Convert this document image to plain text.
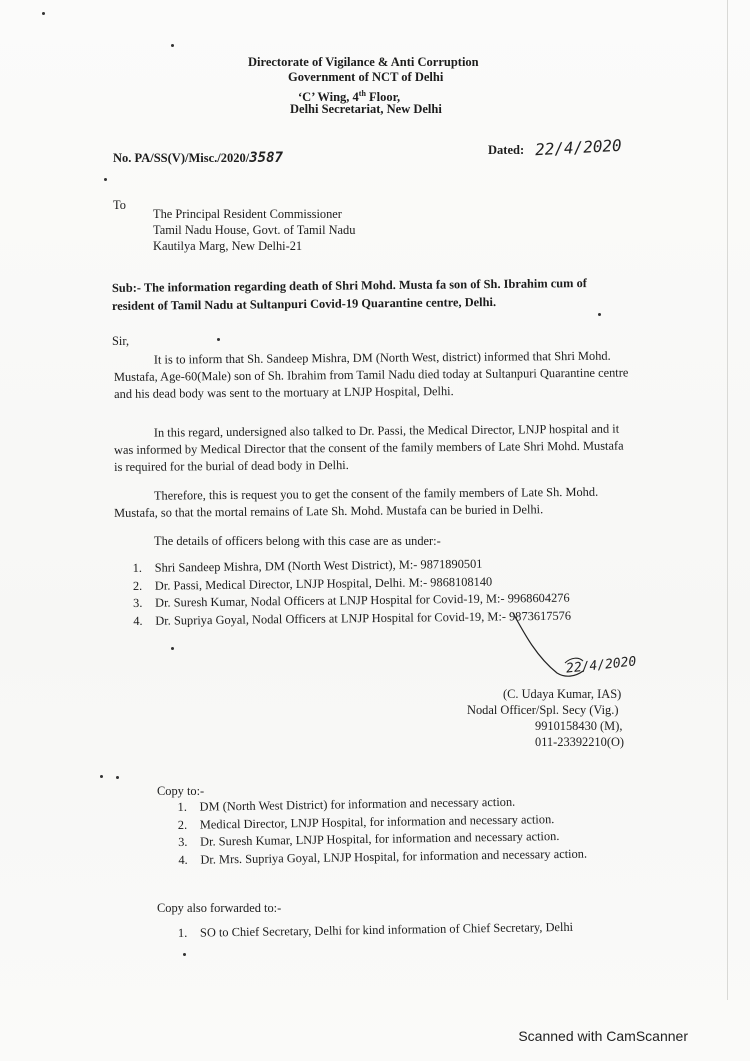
Directorate of Vigilance & Anti Corruption
Government of NCT of Delhi
‘C’ Wing, 4th Floor,
Delhi Secretariat, New Delhi
No. PA/SS(V)/Misc./2020/3587	Dated: 22/4/2020
To
The Principal Resident Commissioner
Tamil Nadu House, Govt. of Tamil Nadu
Kautilya Marg, New Delhi-21
Sub:- The information regarding death of Shri Mohd. Musta fa son of Sh. Ibrahim cum of
resident of Tamil Nadu at Sultanpuri Covid-19 Quarantine centre, Delhi.
Sir,
It is to inform that Sh. Sandeep Mishra, DM (North West, district) informed that Shri Mohd. Mustafa, Age-60(Male) son of Sh. Ibrahim from Tamil Nadu died today at Sultanpuri Quarantine centre and his dead body was sent to the mortuary at LNJP Hospital, Delhi.
In this regard, undersigned also talked to Dr. Passi, the Medical Director, LNJP hospital and it was informed by Medical Director that the consent of the family members of Late Shri Mohd. Mustafa is required for the burial of dead body in Delhi.
Therefore, this is request you to get the consent of the family members of Late Sh. Mohd. Mustafa, so that the mortal remains of Late Sh. Mohd. Mustafa can be buried in Delhi.
The details of officers belong with this case are as under:-
1. Shri Sandeep Mishra, DM (North West District), M:- 9871890501
2. Dr. Passi, Medical Director, LNJP Hospital, Delhi. M:- 9868108140
3. Dr. Suresh Kumar, Nodal Officers at LNJP Hospital for Covid-19, M:- 9968604276
4. Dr. Supriya Goyal, Nodal Officers at LNJP Hospital for Covid-19, M:- 9873617576
22/4/2020
(C. Udaya Kumar, IAS)
Nodal Officer/Spl. Secy (Vig.)
9910158430 (M),
011-23392210(O)
Copy to:-
1. DM (North West District) for information and necessary action.
2. Medical Director, LNJP Hospital, for information and necessary action.
3. Dr. Suresh Kumar, LNJP Hospital, for information and necessary action.
4. Dr. Mrs. Supriya Goyal, LNJP Hospital, for information and necessary action.
Copy also forwarded to:-
1. SO to Chief Secretary, Delhi for kind information of Chief Secretary, Delhi
Scanned with CamScanner
